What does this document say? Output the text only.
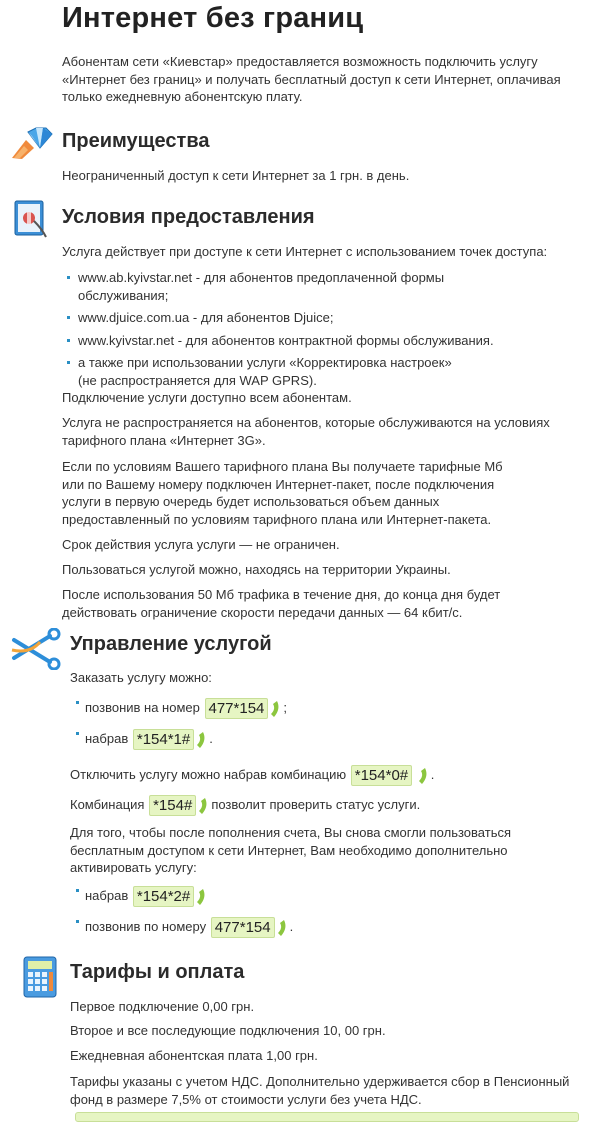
Интернет без границ

Абонентам сети «Киевстар» предоставляется возможность подключить услугу «Интернет без границ» и получать бесплатный доступ к сети Интернет, оплачивая только ежедневную абонентскую плату.

Преимущества

Неограниченный доступ к сети Интернет за 1 грн. в день.

Условия предоставления

Услуга действует при доступе к сети Интернет с использованием точек доступа:

www.ab.kyivstar.net - для абонентов предоплаченной формы обслуживания;
www.djuice.com.ua - для абонентов Djuice;
www.kyivstar.net - для абонентов контрактной формы обслуживания.
а также при использовании услуги «Корректировка настроек» (не распространяется для WAP GPRS).

Подключение услуги доступно всем абонентам.

Услуга не распространяется на абонентов, которые обслуживаются на условиях тарифного плана «Интернет 3G».

Если по условиям Вашего тарифного плана Вы получаете тарифные Мб или по Вашему номеру подключен Интернет-пакет, после подключения услуги в первую очередь будет использоваться объем данных предоставленный по условиям тарифного плана или Интернет-пакета.

Срок действия услуга услуги — не ограничен.

Пользоваться услугой можно, находясь на территории Украины.

После использования 50 Мб трафика в течение дня, до конца дня будет действовать ограничение скорости передачи данных — 64 кбит/с.

Управление услугой

Заказать услугу можно:

позвонив на номер 477*154 ;
набрав *154*1# .
Отключить услугу можно набрав комбинацию *154*0# .
Комбинация *154# позволит проверить статус услуги.

Для того, чтобы после пополнения счета, Вы снова смогли пользоваться бесплатным доступом к сети Интернет, Вам необходимо дополнительно активировать услугу:

набрав *154*2#
позвонив по номеру 477*154 .
Тарифы и оплата

Первое подключение 0,00 грн.

Второе и все последующие подключения 10, 00 грн.

Ежедневная абонентская плата 1,00 грн.

Тарифы указаны с учетом НДС. Дополнительно удерживается сбор в Пенсионный фонд в размере 7,5% от стоимости услуги без учета НДС.
